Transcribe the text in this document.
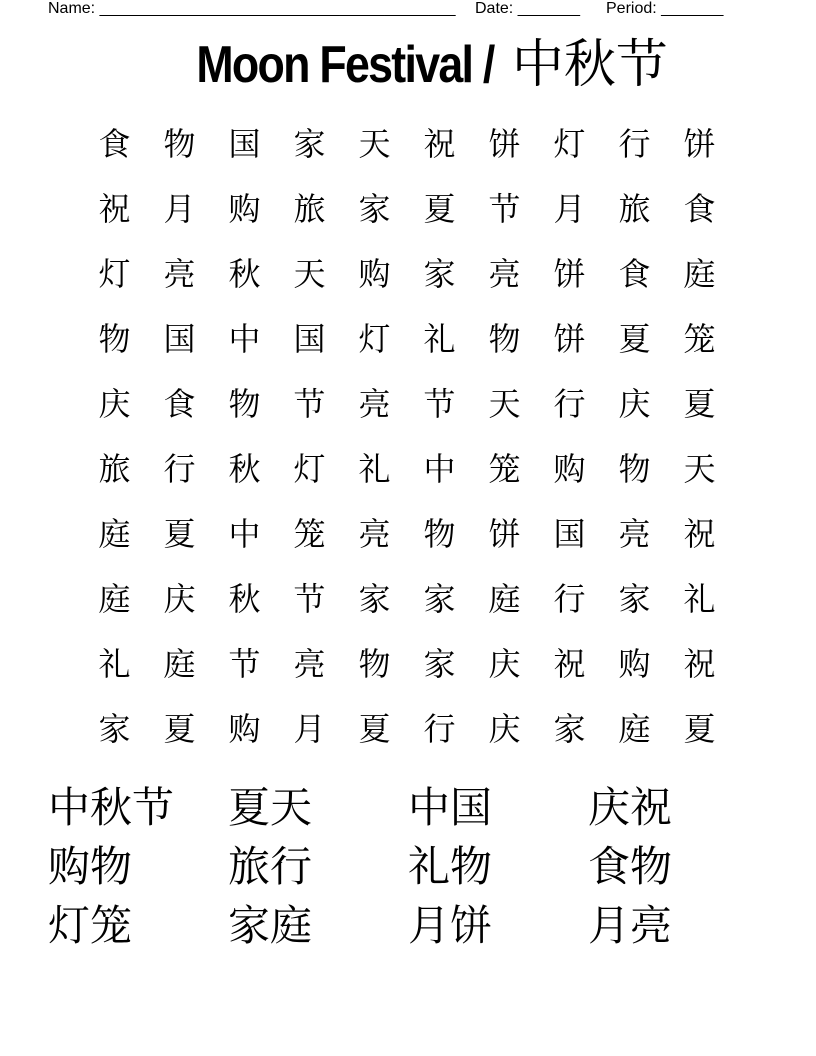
Name: ________________________________________ Date: _______ Period: _______
Moon Festival / 中秋节
食	物	国	家	天	祝	饼	灯	行	饼
祝	月	购	旅	家	夏	节	月	旅	食
灯	亮	秋	天	购	家	亮	饼	食	庭
物	国	中	国	灯	礼	物	饼	夏	笼
庆	食	物	节	亮	节	天	行	庆	夏
旅	行	秋	灯	礼	中	笼	购	物	天
庭	夏	中	笼	亮	物	饼	国	亮	祝
庭	庆	秋	节	家	家	庭	行	家	礼
礼	庭	节	亮	物	家	庆	祝	购	祝
家	夏	购	月	夏	行	庆	家	庭	夏
中秋节	夏天	中国	庆祝
购物	旅行	礼物	食物
灯笼	家庭	月饼	月亮
